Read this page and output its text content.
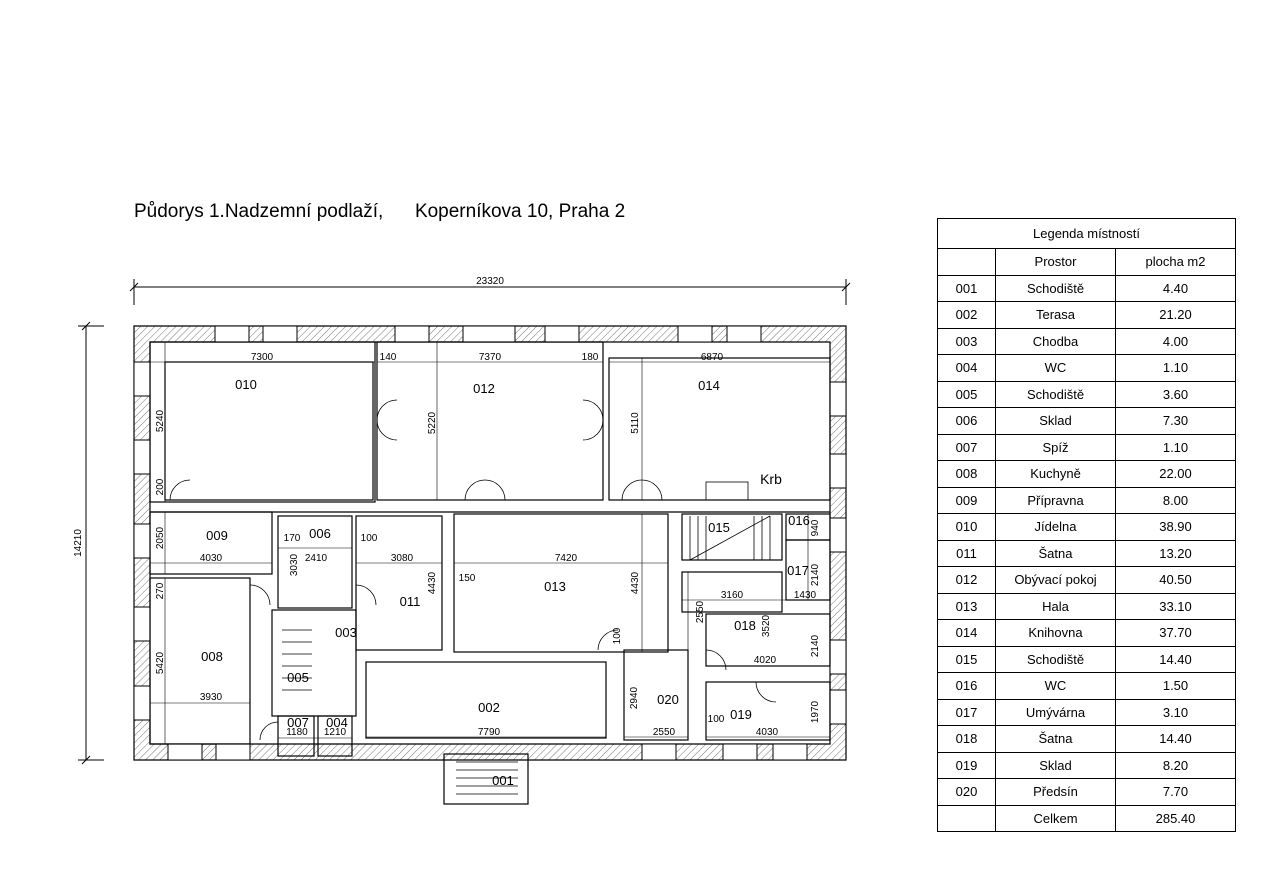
Půdorys 1.Nadzemní podlaží, Koperníkova 10, Praha 2
23320
14210
010	012	014
Krb
009	006
011
013
015	016
017
008
003	018
005
002
020
019
007 004
001
7300	140	7370	180	6870
5240	5220	5110
200
2050
4030
170
2410
3030
100
3080
4430 150
7420
4430
940
2140
1430
270	3160
2550
3520
100
5420	4020
2140
3930	2940
1970
1180 1210	7790
100
2550	4030
Legenda místností		
	Prostor	plocha m2
001	Schodiště	4.40
002	Terasa	21.20
003	Chodba	4.00
004	WC	1.10
005	Schodiště	3.60
006	Sklad	7.30
007	Spíž	1.10
008	Kuchyně	22.00
009	Přípravna	8.00
010	Jídelna	38.90
011	Šatna	13.20
012	Obývací pokoj	40.50
013	Hala	33.10
014	Knihovna	37.70
015	Schodiště	14.40
016	WC	1.50
017	Umývárna	3.10
018	Šatna	14.40
019	Sklad	8.20
020	Předsín	7.70
	Celkem	285.40
